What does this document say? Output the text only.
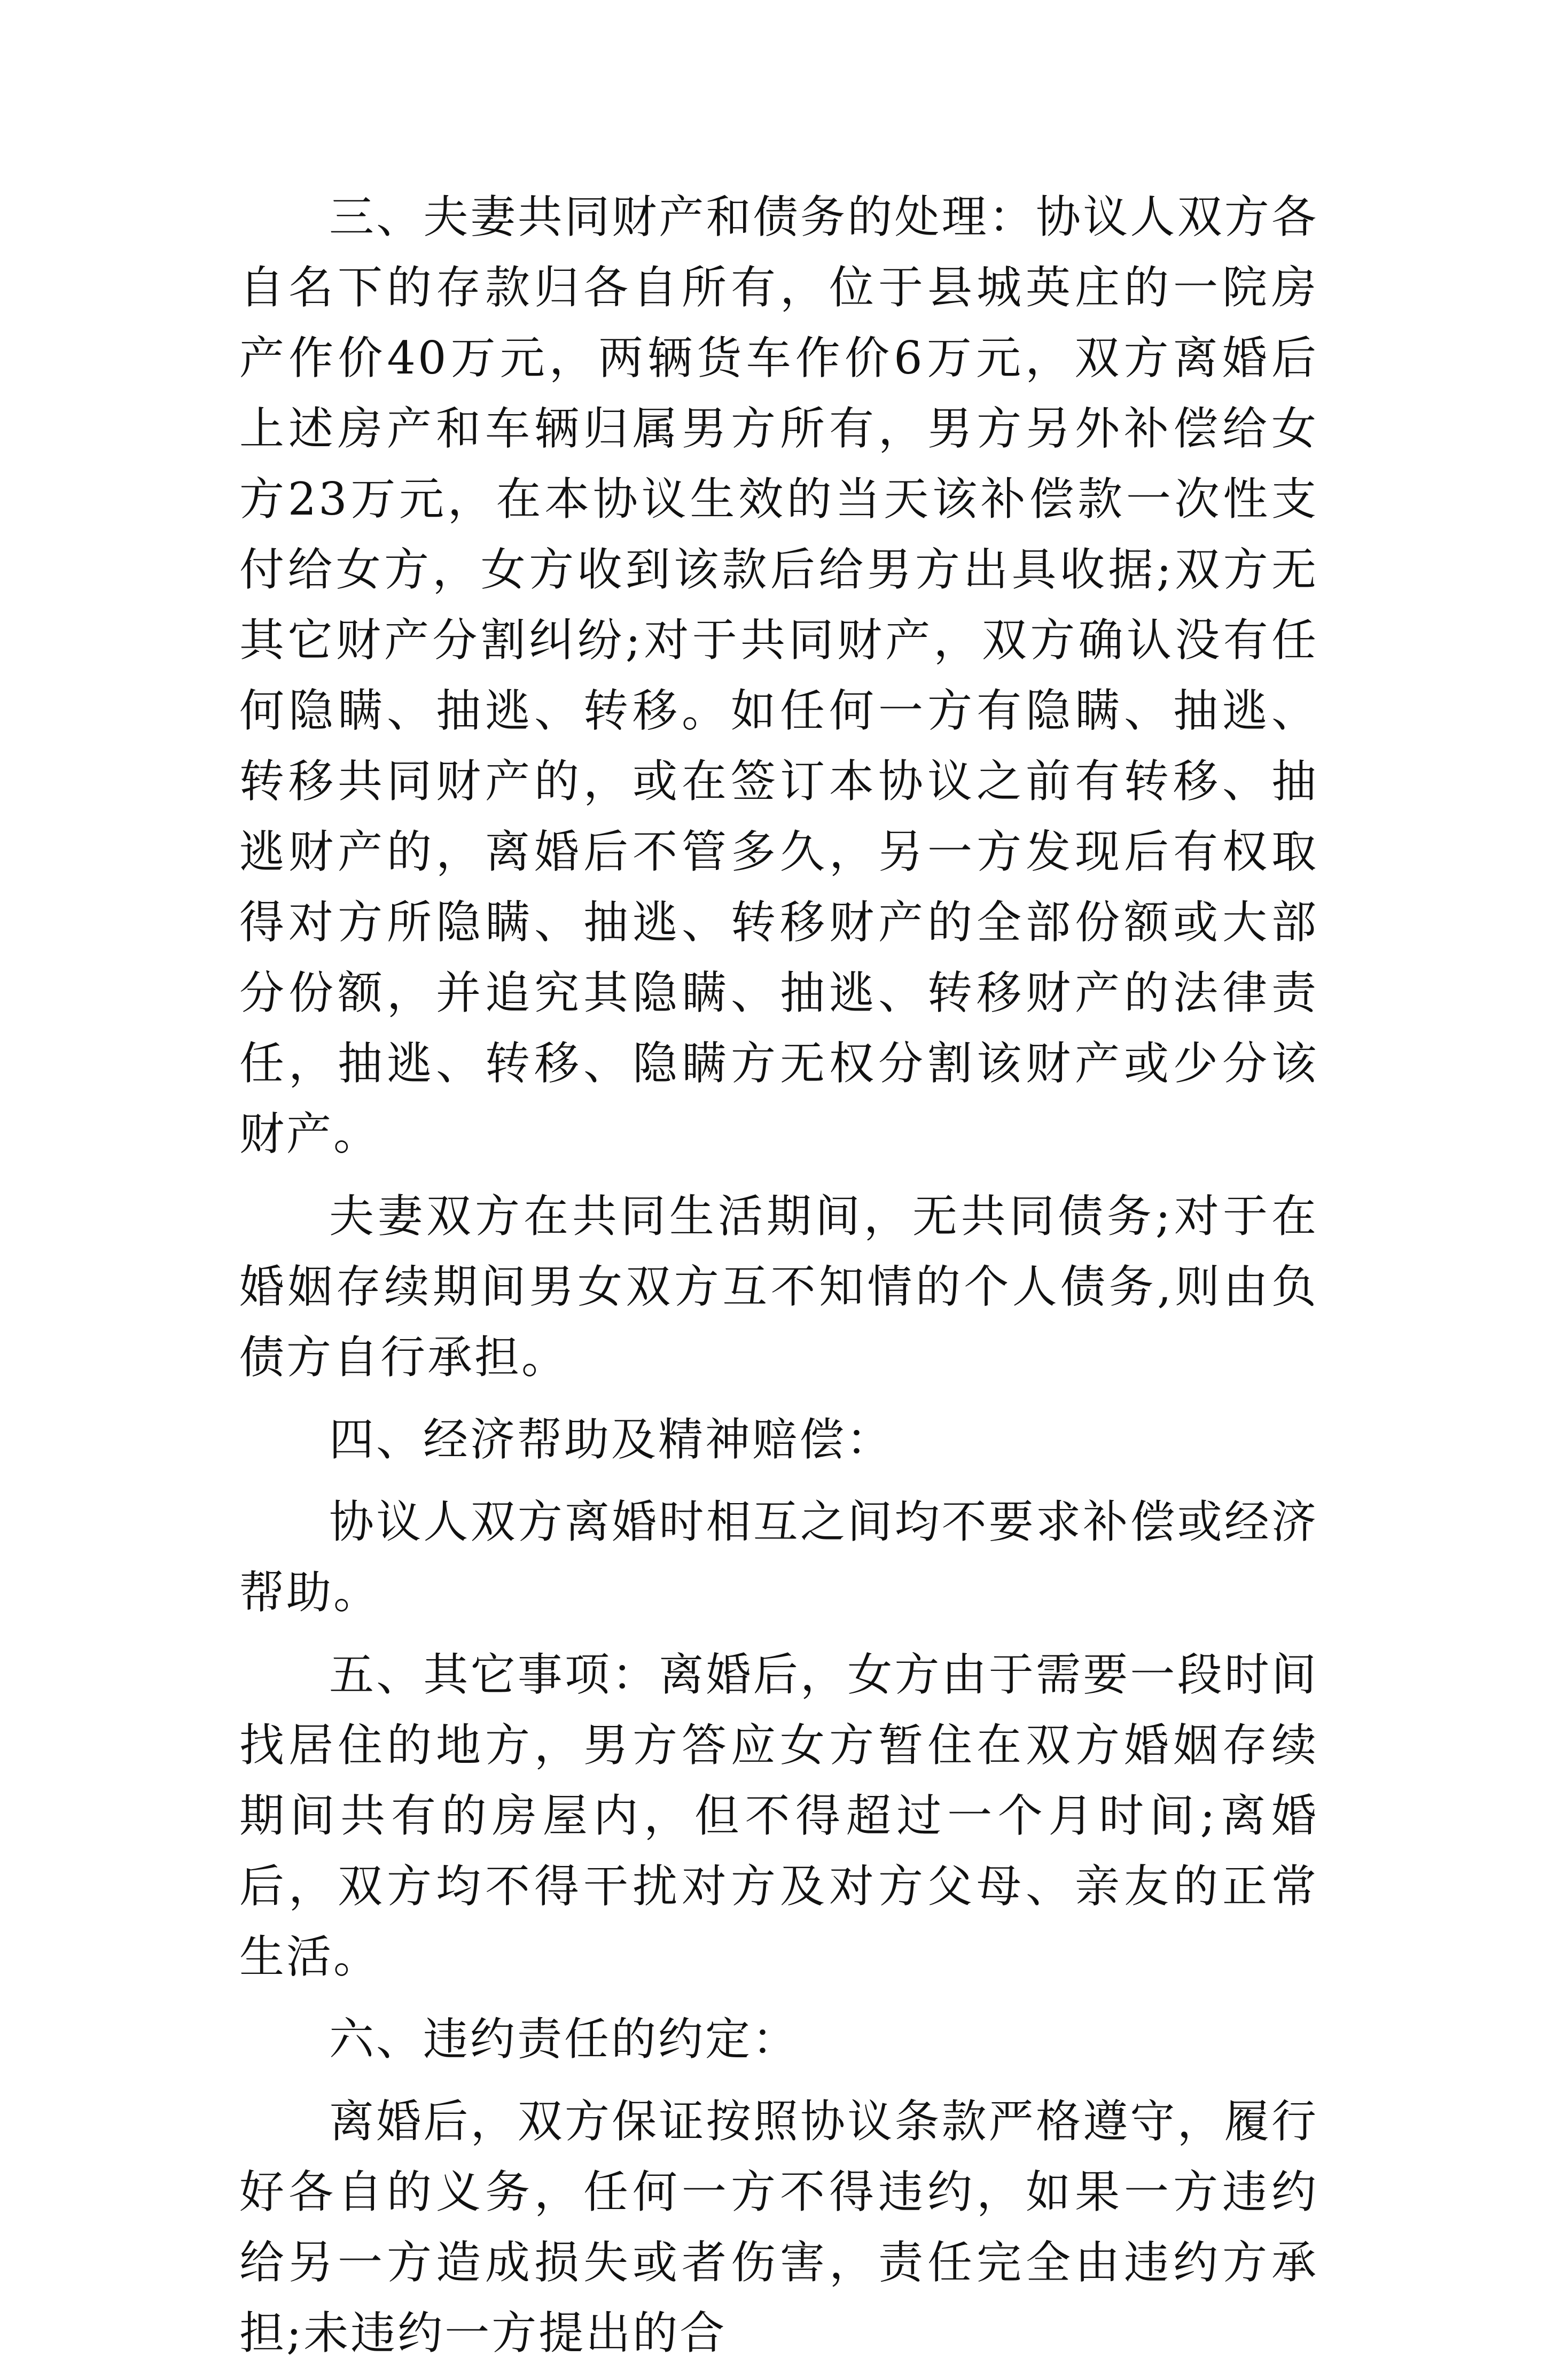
三、夫妻共同财产和债务的处理：协议人双方各自名下的存款归各自所有，位于县城英庄的一院房产作价40万元，两辆货车作价6万元，双方离婚后上述房产和车辆归属男方所有，男方另外补偿给女方23万元，在本协议生效的当天该补偿款一次性支付给女方，女方收到该款后给男方出具收据;双方无其它财产分割纠纷;对于共同财产，双方确认没有任何隐瞒、抽逃、转移。如任何一方有隐瞒、抽逃、转移共同财产的，或在签订本协议之前有转移、抽逃财产的，离婚后不管多久，另一方发现后有权取得对方所隐瞒、抽逃、转移财产的全部份额或大部分份额，并追究其隐瞒、抽逃、转移财产的法律责任，抽逃、转移、隐瞒方无权分割该财产或少分该财产。

夫妻双方在共同生活期间，无共同债务;对于在婚姻存续期间男女双方互不知情的个人债务,则由负债方自行承担。

四、经济帮助及精神赔偿：

协议人双方离婚时相互之间均不要求补偿或经济帮助。

五、其它事项：离婚后，女方由于需要一段时间找居住的地方，男方答应女方暂住在双方婚姻存续期间共有的房屋内，但不得超过一个月时间;离婚后，双方均不得干扰对方及对方父母、亲友的正常生活。

六、违约责任的约定：

离婚后，双方保证按照协议条款严格遵守，履行好各自的义务，任何一方不得违约，如果一方违约给另一方造成损失或者伤害，责任完全由违约方承担;未违约一方提出的合
